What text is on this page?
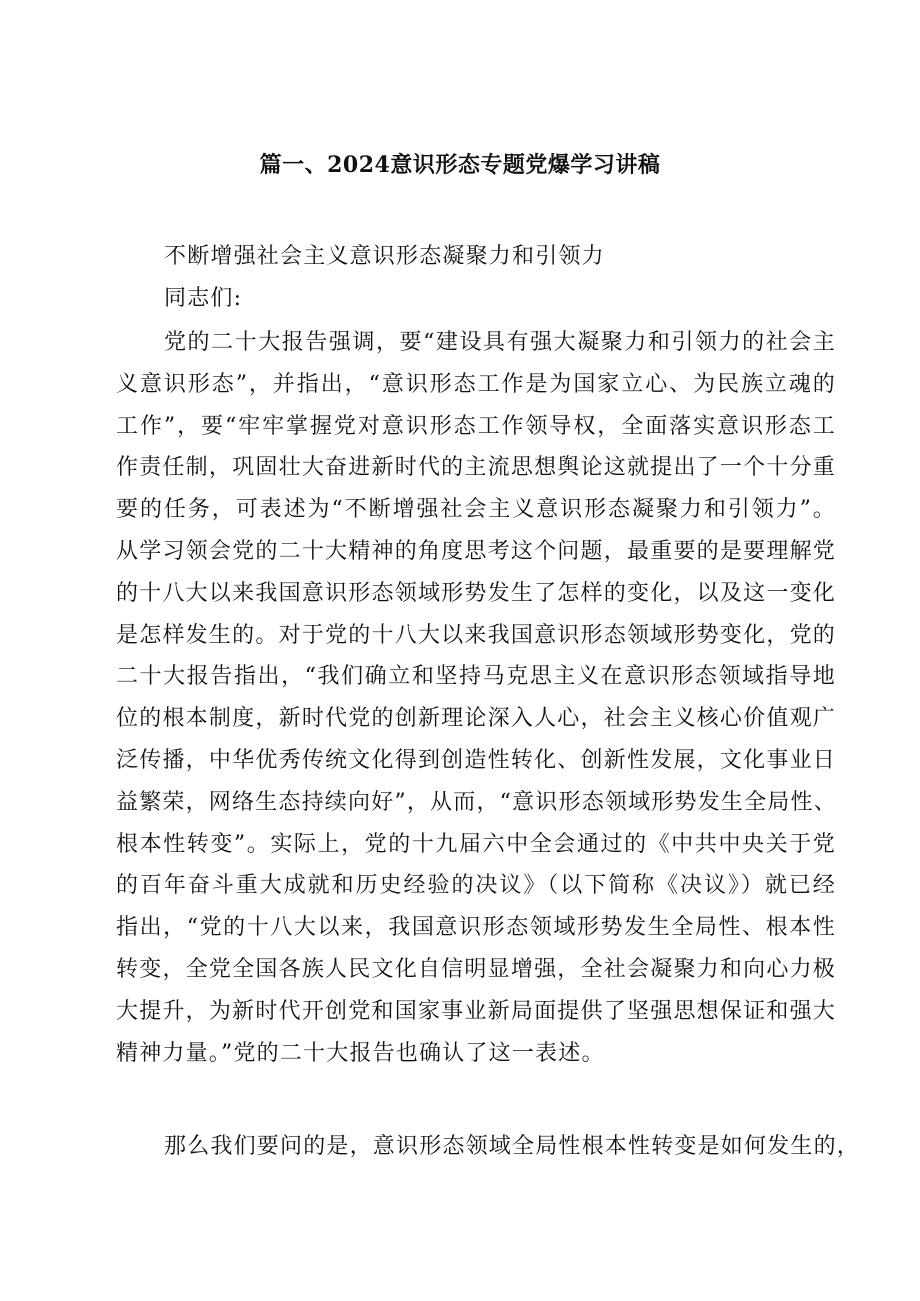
篇一、2024意识形态专题党爆学习讲稿
不断增强社会主义意识形态凝聚力和引领力
同志们:
党的二十大报告强调，要“建设具有强大凝聚力和引领力的社会主
义意识形态”，并指出，“意识形态工作是为国家立心、为民族立魂的
工作”，要“牢牢掌握党对意识形态工作领导权，全面落实意识形态工
作责任制，巩固壮大奋进新时代的主流思想舆论这就提出了一个十分重
要的任务，可表述为“不断增强社会主义意识形态凝聚力和引领力”。
从学习领会党的二十大精神的角度思考这个问题，最重要的是要理解党
的十八大以来我国意识形态领域形势发生了怎样的变化，以及这一变化
是怎样发生的。对于党的十八大以来我国意识形态领域形势变化，党的
二十大报告指出，“我们确立和坚持马克思主义在意识形态领域指导地
位的根本制度，新时代党的创新理论深入人心，社会主义核心价值观广
泛传播，中华优秀传统文化得到创造性转化、创新性发展，文化事业日
益繁荣，网络生态持续向好”，从而，“意识形态领域形势发生全局性、
根本性转变”。实际上，党的十九届六中全会通过的《中共中央关于党
的百年奋斗重大成就和历史经验的决议》（以下简称《决议》）就已经
指出，“党的十八大以来，我国意识形态领域形势发生全局性、根本性
转变，全党全国各族人民文化自信明显增强，全社会凝聚力和向心力极
大提升，为新时代开创党和国家事业新局面提供了坚强思想保证和强大
精神力量。”党的二十大报告也确认了这一表述。
那么我们要问的是，意识形态领域全局性根本性转变是如何发生的，
